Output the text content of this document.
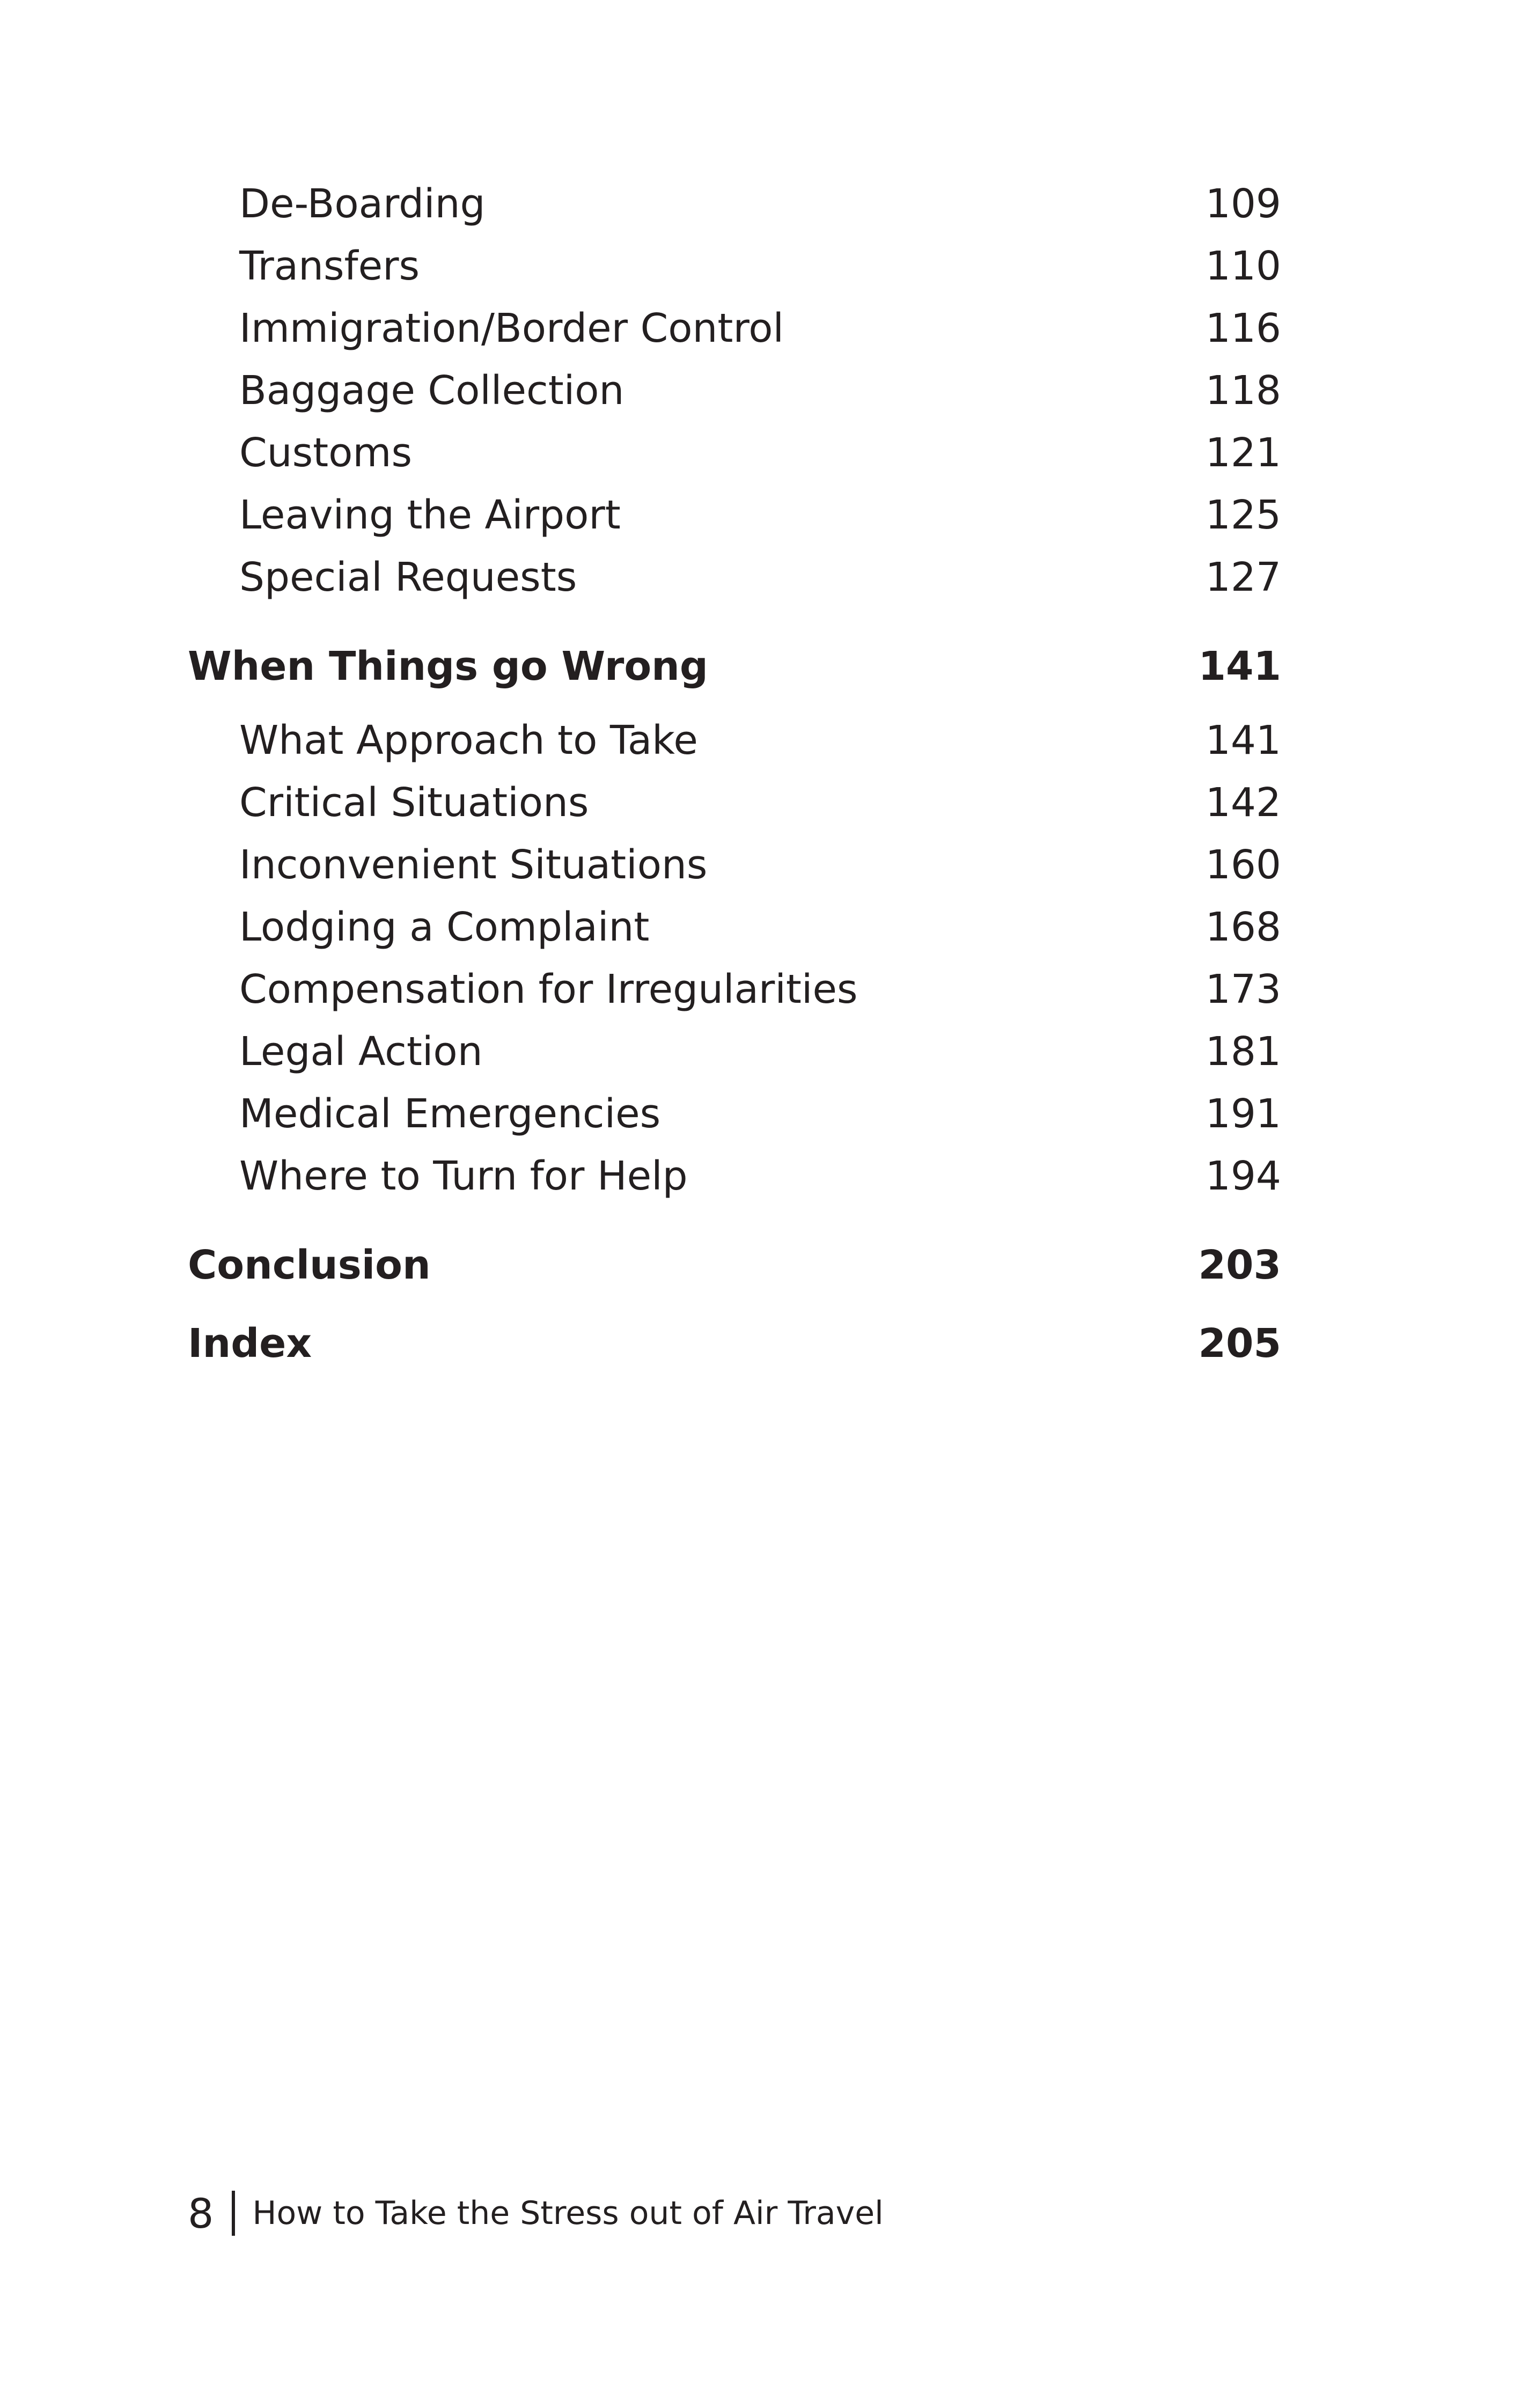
De-Boarding	109
Transfers	110
Immigration/Border Control	116
Baggage Collection	118
Customs	121
Leaving the Airport	125
Special Requests	127
When Things go Wrong	141
What Approach to Take	141
Critical Situations	142
Inconvenient Situations	160
Lodging a Complaint	168
Compensation for Irregularities	173
Legal Action	181
Medical Emergencies	191
Where to Turn for Help	194
Conclusion	203
Index	205
8 How to Take the Stress out of Air Travel
